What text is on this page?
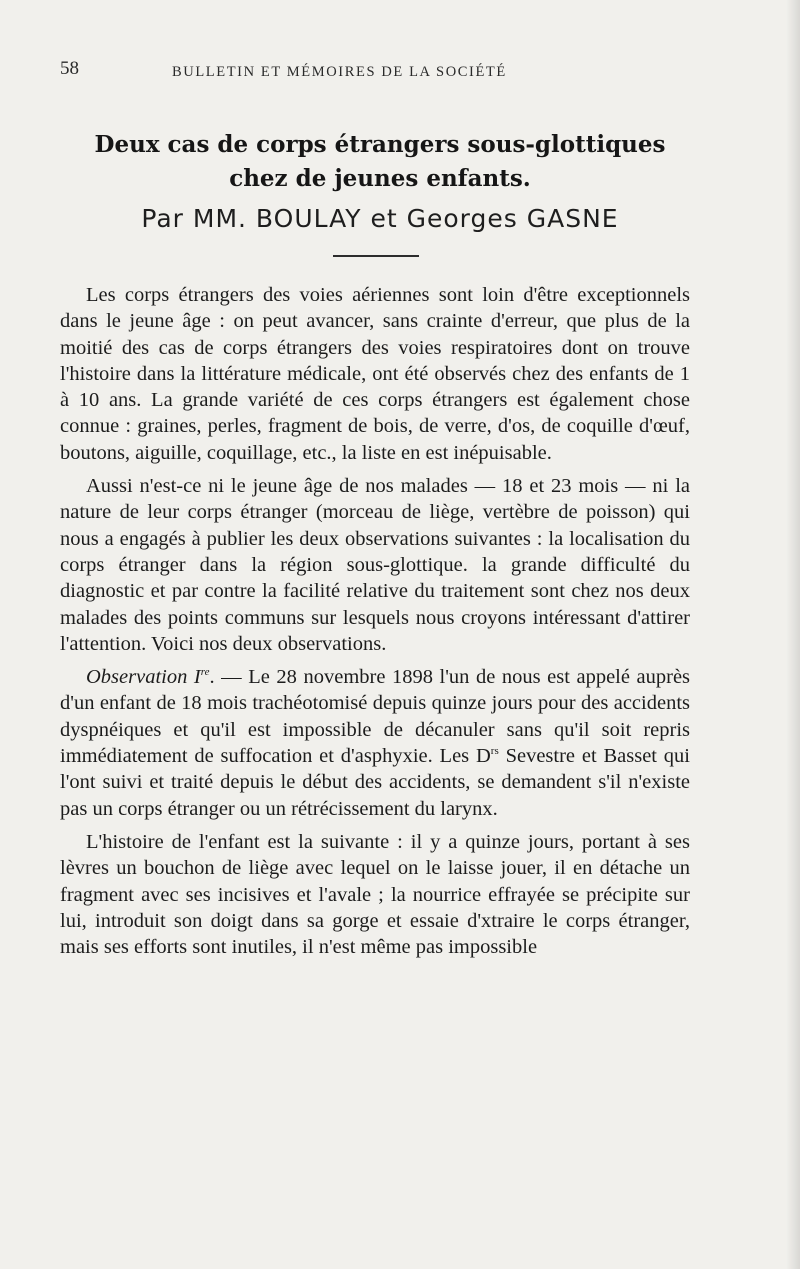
58	BULLETIN ET MÉMOIRES DE LA SOCIÉTÉ
Deux cas de corps étrangers sous-glottiques
chez de jeunes enfants.
Par MM. BOULAY et Georges GASNE

Les corps étrangers des voies aériennes sont loin d'être exceptionnels dans le jeune âge : on peut avancer, sans crainte d'erreur, que plus de la moitié des cas de corps étrangers des voies respiratoires dont on trouve l'histoire dans la littérature médicale, ont été observés chez des enfants de 1 à 10 ans. La grande variété de ces corps étrangers est également chose connue : graines, perles, fragment de bois, de verre, d'os, de coquille d'œuf, boutons, aiguille, coquillage, etc., la liste en est inépuisable.

Aussi n'est-ce ni le jeune âge de nos malades — 18 et 23 mois — ni la nature de leur corps étranger (morceau de liège, vertèbre de poisson) qui nous a engagés à publier les deux observations suivantes : la localisation du corps étranger dans la région sous-glottique. la grande difficulté du diagnostic et par contre la facilité relative du traitement sont chez nos deux malades des points communs sur lesquels nous croyons intéressant d'attirer l'attention. Voici nos deux observations.

Observation Ire. — Le 28 novembre 1898 l'un de nous est appelé auprès d'un enfant de 18 mois trachéotomisé depuis quinze jours pour des accidents dyspnéiques et qu'il est impossible de décanuler sans qu'il soit repris immédiatement de suffocation et d'asphyxie. Les $D^{rs}$ Sevestre et Basset qui l'ont suivi et traité depuis le début des accidents, se demandent s'il n'existe pas un corps étranger ou un rétrécissement du larynx.

L'histoire de l'enfant est la suivante : il y a quinze jours, portant à ses lèvres un bouchon de liège avec lequel on le laisse jouer, il en détache un fragment avec ses incisives et l'avale ; la nourrice effrayée se précipite sur lui, introduit son doigt dans sa gorge et essaie d'xtraire le corps étranger, mais ses efforts sont inutiles, il n'est même pas impossible
